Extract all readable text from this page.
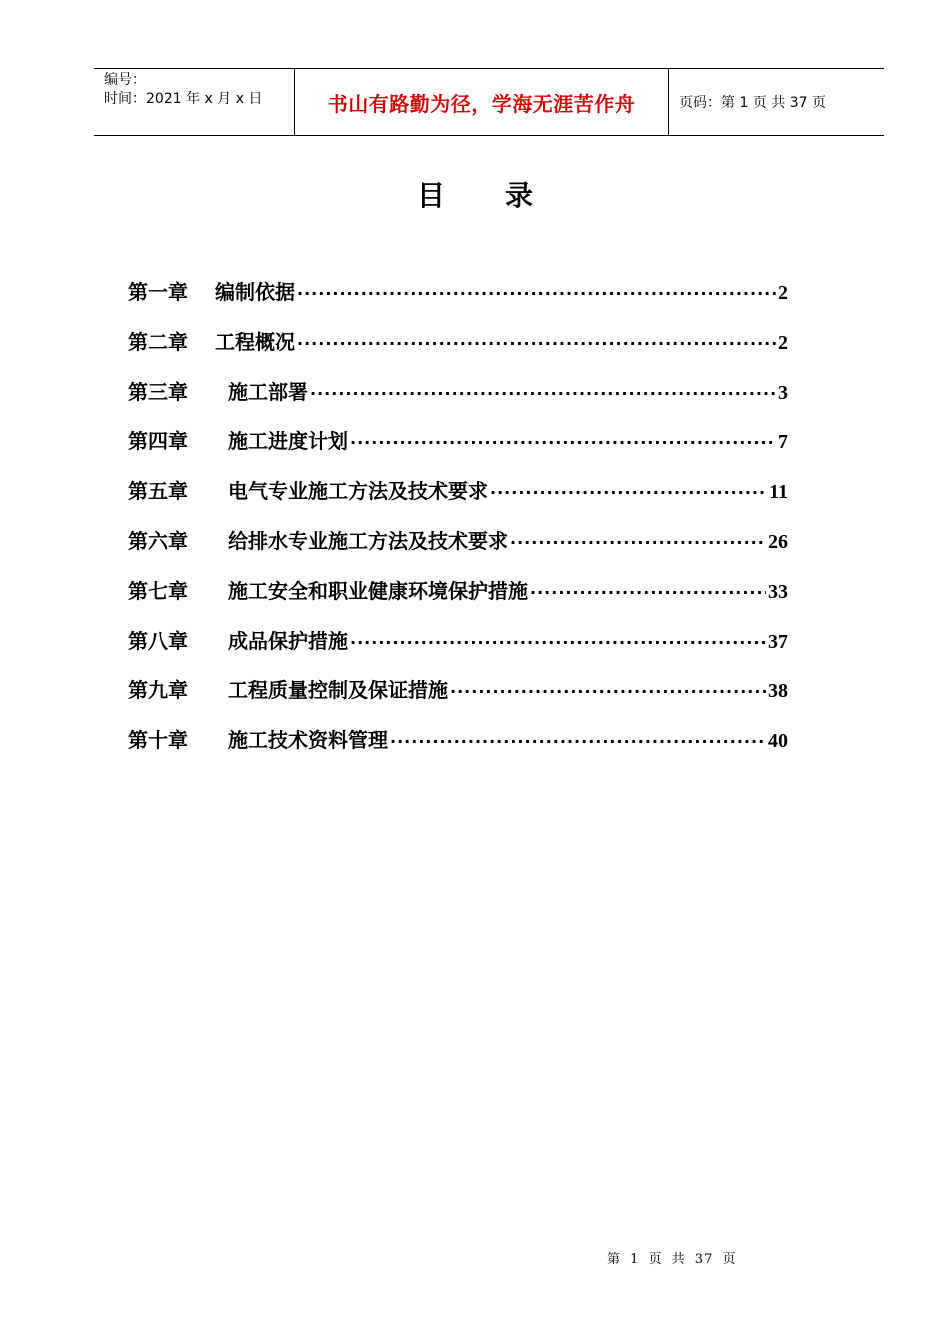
编号：
时间：2021 年 x 月 x 日	书山有路勤为径，学海无涯苦作舟	页码：第 1 页 共 37 页
目录
第一章	编制依据 ·····	2
第二章	工程概况 ·····	2
第三章	施工部署 ·····	3
第四章	施工进度计划 ·····	7
第五章	电气专业施工方法及技术要求 ·····	11
第六章	给排水专业施工方法及技术要求 ·····	26
第七章	施工安全和职业健康环境保护措施 ·····	33
第八章	成品保护措施 ·····	37
第九章	工程质量控制及保证措施 ·····	38
第十章	施工技术资料管理 ·····	40
第 1 页 共 37 页
